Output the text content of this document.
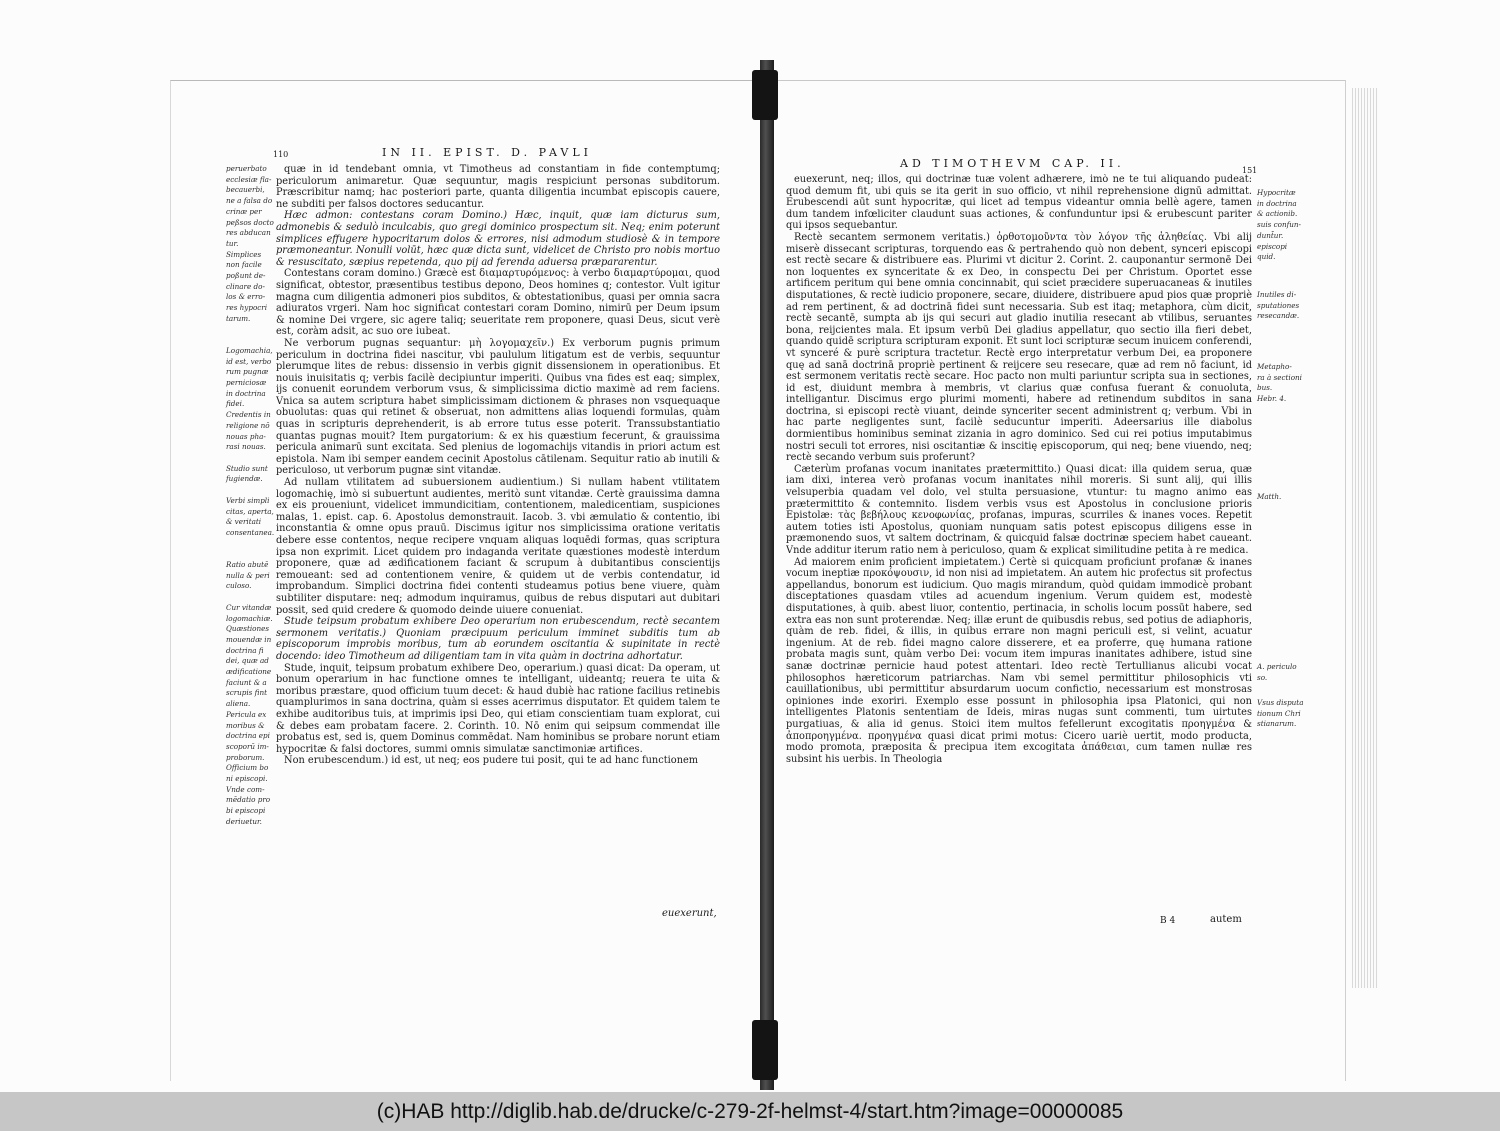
110	IN II. EPIST. D. PAVLI
peruerbato
ecclesiæ fla-
becauerbi,
ne a falsa do
crinæ per
peßsos docto
res abducan
tur.
Simplices
non facile
poßunt de-
clinare do-
los & erro-
res hypocri
tarum.

Logomachia,
id est, verbo
rum pugnæ
perniciosæ
in doctrina
fidei.
Credentis in
religione nō
nouas pha-
rasi nouas.

Studio sunt
fugiendæ.

Verbi simpli
citas, aperta,
& veritati
consentanea.

Ratio abutē
nulla & peri
culoso.

Cur vitandæ
logomachiæ.
Quæstiones
mouendæ in
doctrina fi
dei, quæ ad
ædificatione
faciunt & a
scrupis fint
aliena.
Pericula ex
moribus &
doctrina epi
scoporū im-
proborum.
Officium bo
ni episcopi.
Vnde com-
mēdatio pro
bi episcopi
deriuetur.

quæ in id tendebant omnia, vt Timotheus ad constantiam in fide contemptumq; periculorum animaretur. Quæ sequuntur, magis respiciunt personas subditorum. Præscribitur namq; hac posteriori parte, quanta diligentia incumbat episcopis cauere, ne subditi per falsos doctores seducantur.

Hæc admon: contestans coram Domino.) Hæc, inquit, quæ iam dicturus sum, admonebis & sedulò inculcabis, quo gregi dominico prospectum sit. Neq; enim poterunt simplices effugere hypocritarum dolos & errores, nisi admodum studiosè & in tempore præmoneantur. Nonulli volūt, hæc quæ dicta sunt, videlicet de Christo pro nobis mortuo & resuscitato, sæpius repetenda, quo pij ad ferenda aduersa præpararentur.

Contestans coram domino.) Græcè est διαμαρτυρόμενος: à verbo διαμαρτύρομαι, quod significat, obtestor, præsentibus testibus depono, Deos homines q; contestor. Vult igitur magna cum diligentia admoneri pios subditos, & obtestationibus, quasi per omnia sacra adiuratos vrgeri. Nam hoc significat contestari coram Domino, nimirū per Deum ipsum & nomine Dei vrgere, sic agere taliq; seueritate rem proponere, quasi Deus, sicut verè est, coràm adsit, ac suo ore iubeat.

Ne verborum pugnas sequantur: μὴ λογομαχεῖν.) Ex verborum pugnis primum periculum in doctrina fidei nascitur, vbi paululum litigatum est de verbis, sequuntur plerumque lites de rebus: dissensio in verbis gignit dissensionem in operationibus. Et nouis inuisitatis q; verbis facilè decipiuntur imperiti. Quibus vna fides est eaq; simplex, ijs conuenit eorundem verborum vsus, & simplicissima dictio maximè ad rem faciens. Vnica sa autem scriptura habet simplicissimam dictionem & phrases non vsquequaque obuolutas: quas qui retinet & obseruat, non admittens alias loquendi formulas, quàm quas in scripturis deprehenderit, is ab errore tutus esse poterit. Transsubstantiatio quantas pugnas mouit? Item purgatorium: & ex his quæstium fecerunt, & grauissima pericula animarū sunt excitata. Sed plenius de logomachijs vitandis in priori actum est epistola. Nam ibi semper eandem cecinit Apostolus cātilenam. Sequitur ratio ab inutili & periculoso, ut verborum pugnæ sint vitandæ.

Ad nullam vtilitatem ad subuersionem audientium.) Si nullam habent vtilitatem logomachię, imò si subuertunt audientes, meritò sunt vitandæ. Certè grauissima damna ex eis proueniunt, videlicet immundicitiam, contentionem, maledicentiam, suspiciones malas, 1. epist. cap. 6. Apostolus demonstrauit. Iacob. 3. vbi æmulatio & contentio, ibi inconstantia & omne opus prauū. Discimus igitur nos simplicissima oratione veritatis debere esse contentos, neque recipere vnquam aliquas loquēdi formas, quas scriptura ipsa non exprimit. Licet quidem pro indaganda veritate quæstiones modestè interdum proponere, quæ ad ædificationem faciant & scrupum à dubitantibus conscientijs remoueant: sed ad contentionem venire, & quidem ut de verbis contendatur, id improbandum. Simplici doctrina fidei contenti studeamus potius bene viuere, quàm subtiliter disputare: neq; admodum inquiramus, quibus de rebus disputari aut dubitari possit, sed quid credere & quomodo deinde uiuere conueniat.

Stude teipsum probatum exhibere Deo operarium non erubescendum, rectè secantem sermonem veritatis.) Quoniam præcipuum periculum imminet subditis tum ab episcoporum improbis moribus, tum ab eorundem oscitantia & supinitate in rectè docendo: ideo Timotheum ad diligentiam tam in vita quàm in doctrina adhortatur.

Stude, inquit, teipsum probatum exhibere Deo, operarium.) quasi dicat: Da operam, ut bonum operarium in hac functione omnes te intelligant, uideantq; reuera te uita & moribus præstare, quod officium tuum decet: & haud dubiè hac ratione facilius retinebis quamplurimos in sana doctrina, quàm si esses acerrimus disputator. Et quidem talem te exhibe auditoribus tuis, at imprimis ipsi Deo, qui etiam conscientiam tuam explorat, cui & debes eam probatam facere. 2. Corinth. 10. Nō enim qui seipsum commendat ille probatus est, sed is, quem Dominus commēdat. Nam hominibus se probare norunt etiam hypocritæ & falsi doctores, summi omnis simulatæ sanctimoniæ artifices.

Non erubescendum.) id est, ut neq; eos pudere tui posit, qui te ad hanc functionem

euexerunt,
AD TIMOTHEVM CAP. II.
151

euexerunt, neq; illos, qui doctrinæ tuæ volent adhærere, imò ne te tui aliquando pudeat: quod demum fit, ubi quis se ita gerit in suo officio, vt nihil reprehensione dignū admittat. Erubescendi aūt sunt hypocritæ, qui licet ad tempus videantur omnia bellè agere, tamen dum tandem infœliciter claudunt suas actiones, & confunduntur ipsi & erubescunt pariter qui ipsos sequebantur.

Rectè secantem sermonem veritatis.) ὀρθοτομοῦντα τὸν λόγον τῆς ἀληθείας. Vbi alij miserè dissecant scripturas, torquendo eas & pertrahendo quò non debent, synceri episcopi est rectè secare & distribuere eas. Plurimi vt dicitur 2. Corint. 2. cauponantur sermonē Dei non loquentes ex synceritate & ex Deo, in conspectu Dei per Christum. Oportet esse artificem peritum qui bene omnia concinnabit, qui sciet præcidere superuacaneas & inutiles disputationes, & rectè iudicio proponere, secare, diuidere, distribuere apud pios quæ propriè ad rem pertinent, & ad doctrinā fidei sunt necessaria. Sub est itaq; metaphora, cùm dicit, rectè secantē, sumpta ab ijs qui securi aut gladio inutilia resecant ab vtilibus, seruantes bona, reijcientes mala. Et ipsum verbū Dei gladius appellatur, quo sectio illa fieri debet, quando quidē scriptura scripturam exponit. Et sunt loci scripturæ secum inuicem conferendi, vt synceré & purè scriptura tractetur. Rectè ergo interpretatur verbum Dei, ea proponere quę ad sanā doctrinā propriè pertinent & reijcere seu resecare, quæ ad rem nō faciunt, id est sermonem veritatis rectè secare. Hoc pacto non multi pariuntur scripta sua in sectiones, id est, diuidunt membra à membris, vt clarius quæ confusa fuerant & conuoluta, intelligantur. Discimus ergo plurimi momenti, habere ad retinendum subditos in sana doctrina, si episcopi rectè viuant, deinde synceriter secent administrent q; verbum. Vbi in hac parte negligentes sunt, facilè seducuntur imperiti. Adeersarius ille diabolus dormientibus hominibus seminat zizania in agro dominico. Sed cui rei potius imputabimus nostri seculi tot errores, nisi oscitantiæ & inscitię episcoporum, qui neq; bene viuendo, neq; rectè secando verbum suis proferunt?

Cæterùm profanas vocum inanitates prætermittito.) Quasi dicat: illa quidem serua, quæ iam dixi, interea verò profanas vocum inanitates nihil moreris. Si sunt alij, qui illis velsuperbia quadam vel dolo, vel stulta persuasione, vtuntur: tu magno animo eas prætermittito & contemnito. Iisdem verbis vsus est Apostolus in conclusione prioris Epistolæ: τὰς βεβήλους κενοφωνίας, profanas, impuras, scurriles & inanes voces. Repetit autem toties isti Apostolus, quoniam nunquam satis potest episcopus diligens esse in præmonendo suos, vt saltem doctrinam, & quicquid falsæ doctrinæ speciem habet caueant. Vnde additur iterum ratio nem à periculoso, quam & explicat similitudine petita à re medica.

Ad maiorem enim proficient impietatem.) Certè si quicquam proficiunt profanæ & inanes vocum ineptiæ προκόψουσιν, id non nisi ad impietatem. An autem hic profectus sit profectus appellandus, bonorum est iudicium. Quo magis mirandum, quòd quidam immodicè probant disceptationes quasdam vtiles ad acuendum ingenium. Verum quidem est, modestè disputationes, à quib. abest liuor, contentio, pertinacia, in scholis locum possūt habere, sed extra eas non sunt proterendæ. Neq; illæ erunt de quibusdis rebus, sed potius de adiaphoris, quàm de reb. fidei, & illis, in quibus errare non magni periculi est, si velint, acuatur ingenium. At de reb. fidei magno calore disserere, et ea proferre, quę humana ratione probata magis sunt, quàm verbo Dei: vocum item impuras inanitates adhibere, istud sine sanæ doctrinæ pernicie haud potest attentari. Ideo rectè Tertullianus alicubi vocat philosophos hæreticorum patriarchas. Nam vbi semel permittitur philosophicis vti cauillationibus, ubi permittitur absurdarum uocum confictio, necessarium est monstrosas opiniones inde exoriri. Exemplo esse possunt in philosophia ipsa Platonici, qui non intelligentes Platonis sententiam de Ideis, miras nugas sunt commenti, tum uirtutes purgatiuas, & alia id genus. Stoici item multos fefellerunt excogitatis προηγμένα & ἀποπροηγμένα. προηγμένα quasi dicat primi motus: Cicero uariè uertit, modo producta, modo promota, præposita & precipua item excogitata ἀπάθειαι, cum tamen nullæ res subsint his uerbis. In Theologia

Hypocritæ
in doctrina
& actionib.
suis confun-
dunt̄ur.
episcopi
quid.
Inutiles di-
sputationes
resecandæ.
Metapho-
ra à sectioni
bus.
Hebr. 4.
Matth.
A. periculo
so.
Vsus disputa
tionum Chri
stianarum.
B 4	autem
(c)HAB http://diglib.hab.de/drucke/c-279-2f-helmst-4/start.htm?image=00000085
